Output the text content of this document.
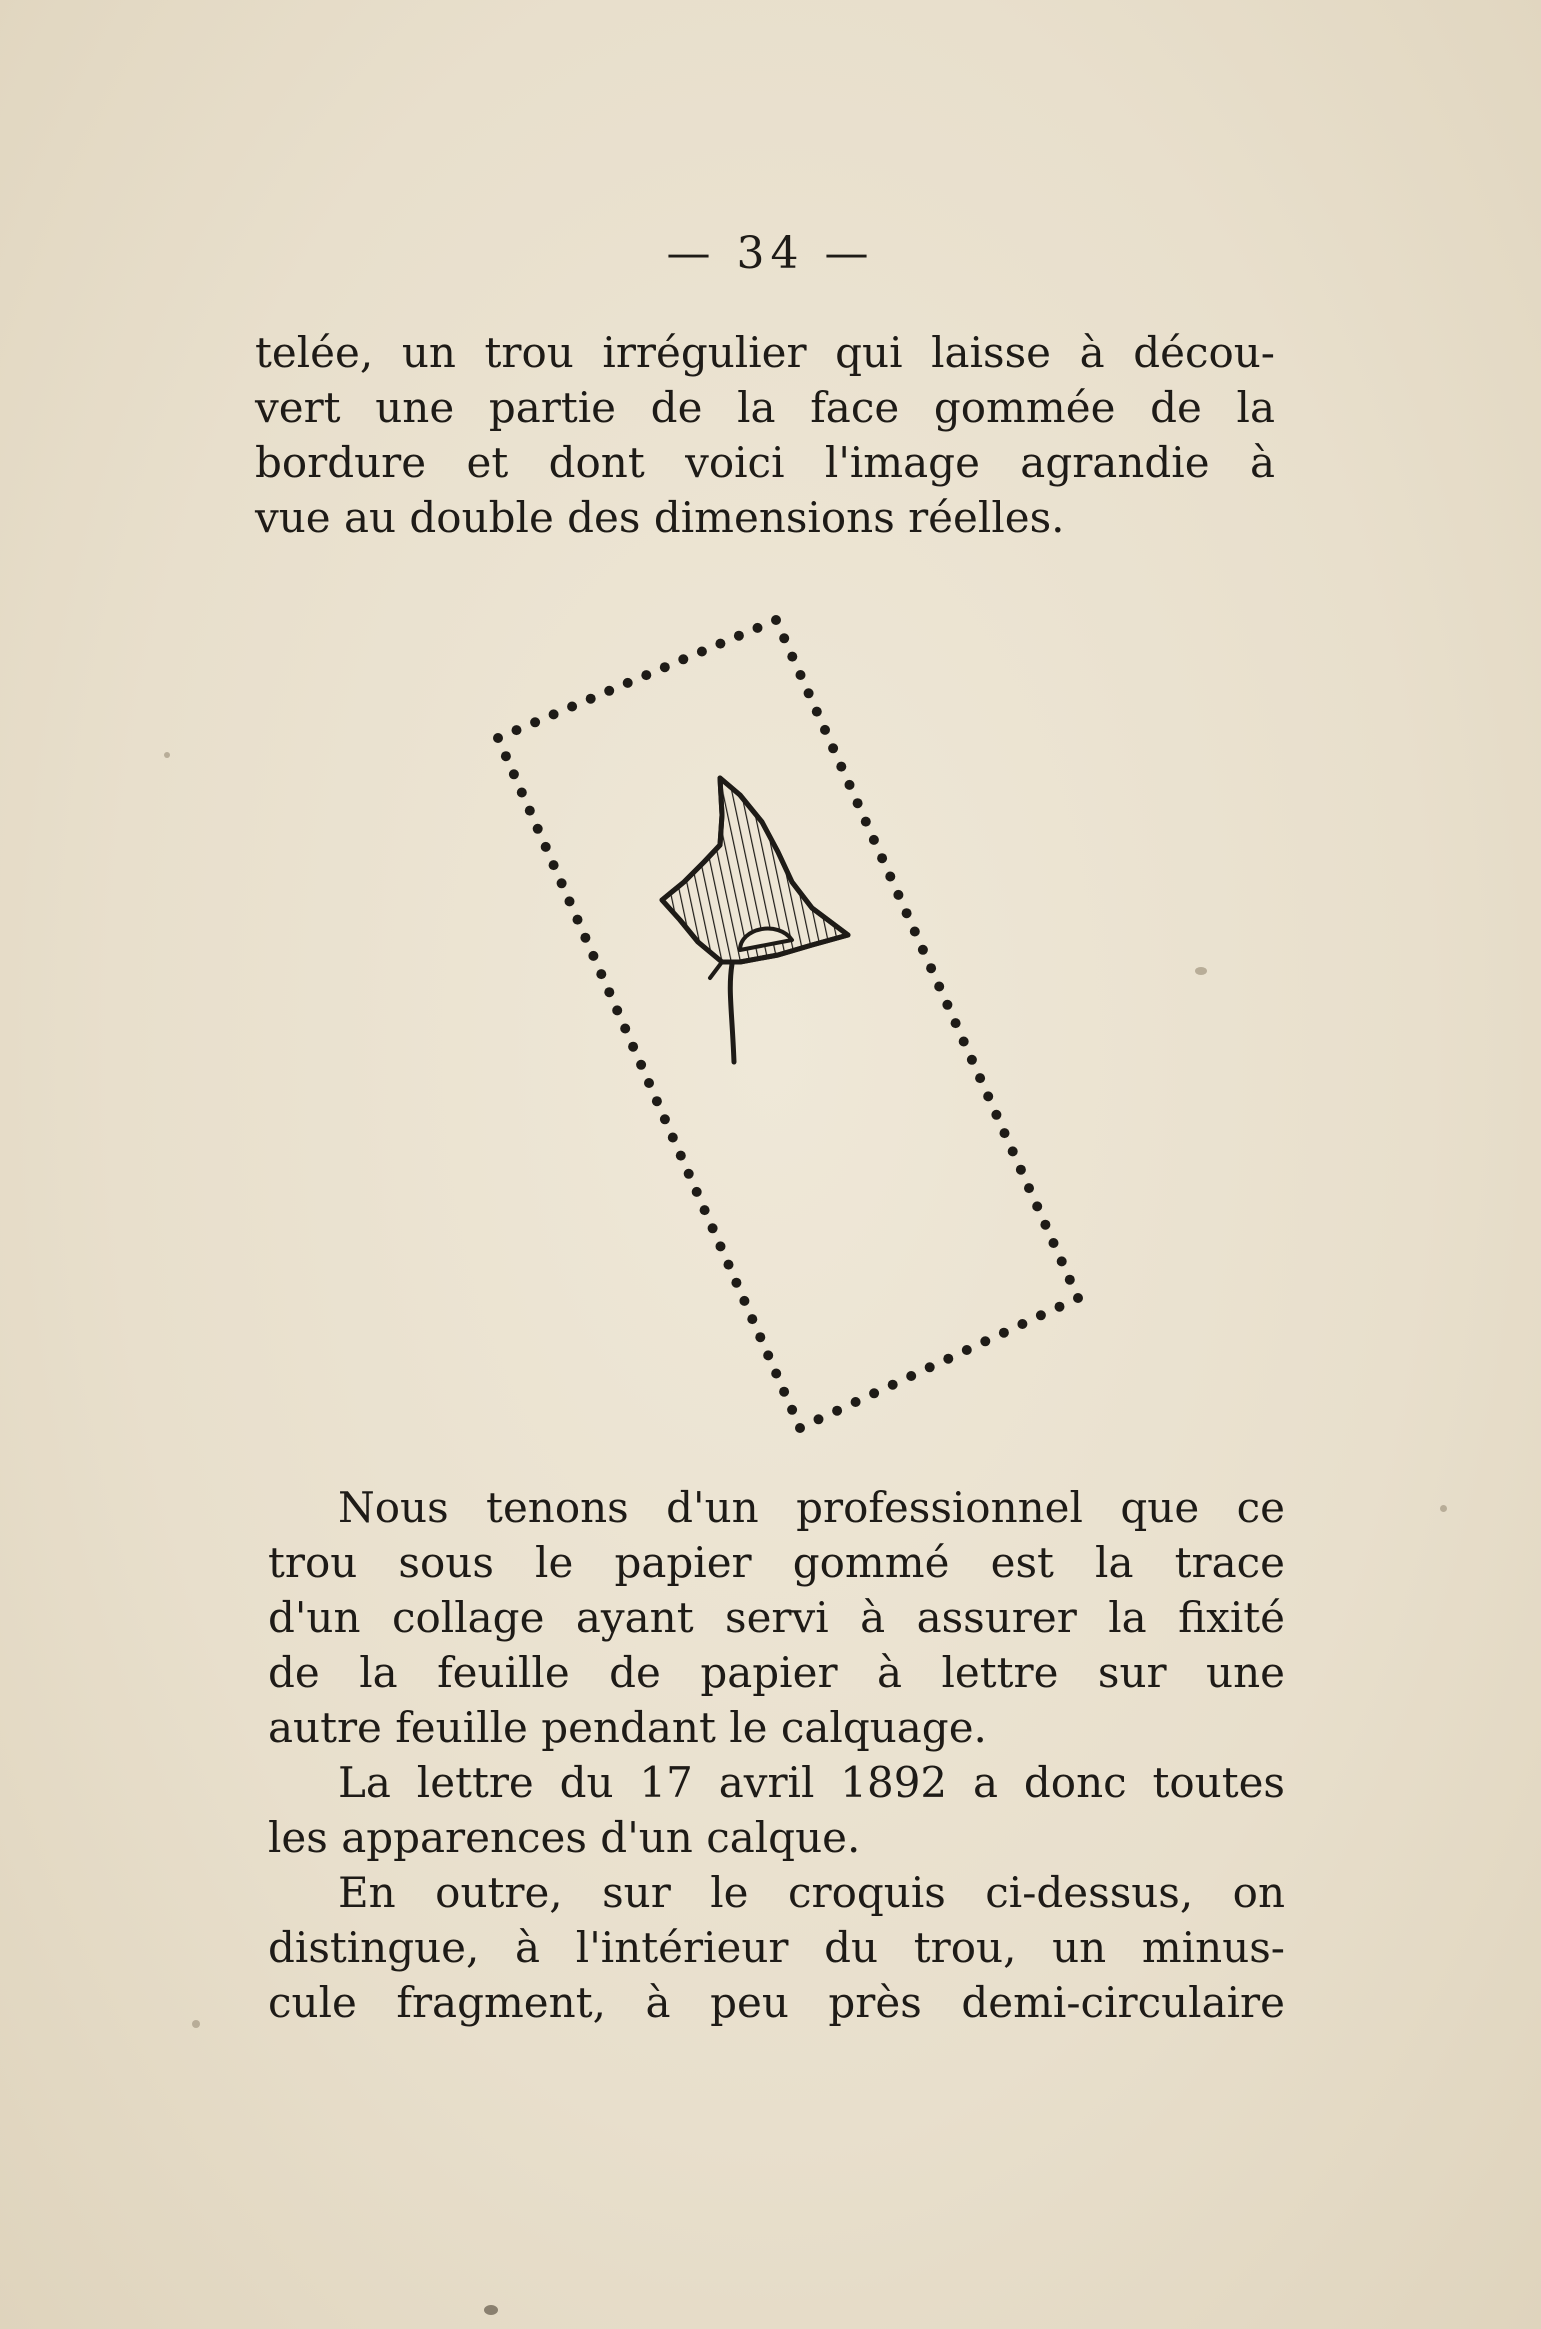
— 34 —

telée, un trou irrégulier qui laisse à décou-
vert une partie de la face gommée de la
bordure et dont voici l'image agrandie à
vue au double des dimensions réelles.

Nous tenons d'un professionnel que ce
trou sous le papier gommé est la trace
d'un collage ayant servi à assurer la fixité
de la feuille de papier à lettre sur une
autre feuille pendant le calquage.

La lettre du 17 avril 1892 a donc toutes
les apparences d'un calque.

En outre, sur le croquis ci-dessus, on
distingue, à l'intérieur du trou, un minus-
cule fragment, à peu près demi-circulaire
